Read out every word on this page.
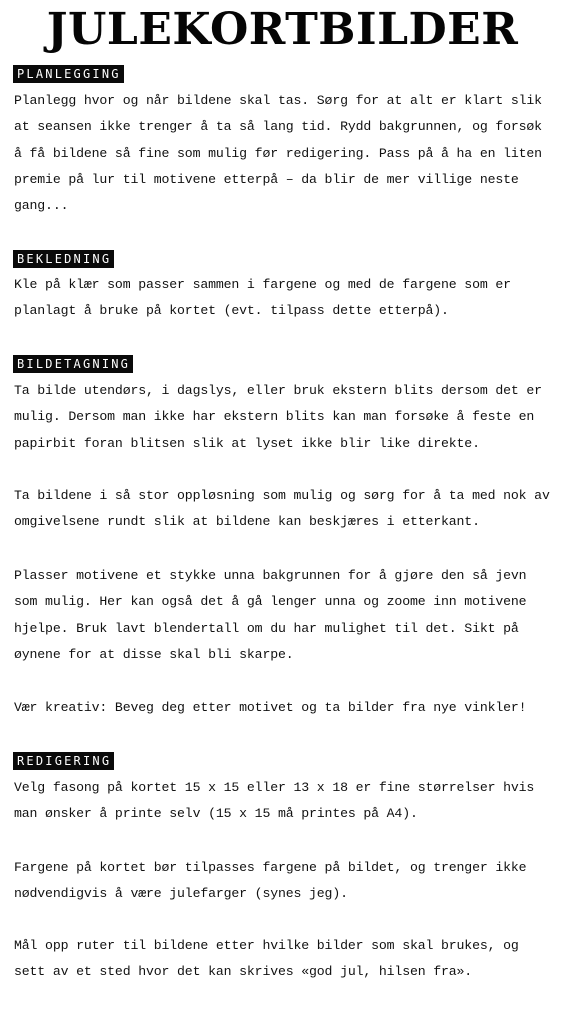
JULEKORTBILDER
PLANLEGGING
Planlegg hvor og når bildene skal tas. Sørg for at alt er klart slik at seansen ikke trenger å ta så lang tid. Rydd bakgrunnen, og forsøk å få bildene så fine som mulig før redigering. Pass på å ha en liten premie på lur til motivene etterpå – da blir de mer villige neste gang...
BEKLEDNING
Kle på klær som passer sammen i fargene og med de fargene som er planlagt å bruke på kortet (evt. tilpass dette etterpå).
BILDETAGNING
Ta bilde utendørs, i dagslys, eller bruk ekstern blits dersom det er mulig. Dersom man ikke har ekstern blits kan man forsøke å feste en papirbit foran blitsen slik at lyset ikke blir like direkte.
Ta bildene i så stor oppløsning som mulig og sørg for å ta med nok av omgivelsene rundt slik at bildene kan beskjæres i etterkant.
Plasser motivene et stykke unna bakgrunnen for å gjøre den så jevn som mulig. Her kan også det å gå lenger unna og zoome inn motivene hjelpe. Bruk lavt blendertall om du har mulighet til det. Sikt på øynene for at disse skal bli skarpe.
Vær kreativ: Beveg deg etter motivet og ta bilder fra nye vinkler!
REDIGERING
Velg fasong på kortet 15 x 15 eller 13 x 18 er fine størrelser hvis man ønsker å printe selv (15 x 15 må printes på A4).
Fargene på kortet bør tilpasses fargene på bildet, og trenger ikke nødvendigvis å være julefarger (synes jeg).
Mål opp ruter til bildene etter hvilke bilder som skal brukes, og sett av et sted hvor det kan skrives «god jul, hilsen fra».
